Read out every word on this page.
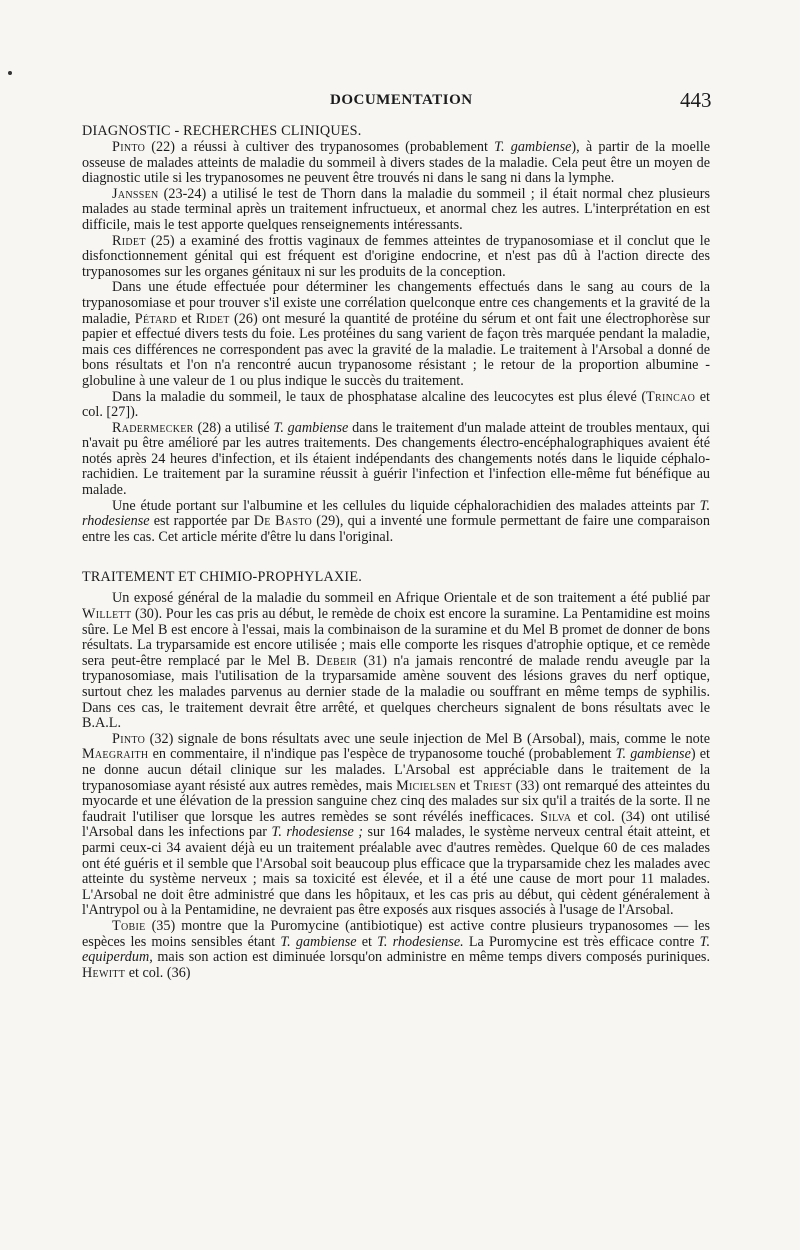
DOCUMENTATION	443
DIAGNOSTIC - RECHERCHES CLINIQUES.

Pinto (22) a réussi à cultiver des trypanosomes (probablement T. gambiense), à partir de la moelle osseuse de malades atteints de maladie du sommeil à divers stades de la maladie. Cela peut être un moyen de diagnostic utile si les trypanosomes ne peuvent être trouvés ni dans le sang ni dans la lymphe.

Janssen (23-24) a utilisé le test de Thorn dans la maladie du sommeil ; il était normal chez plusieurs malades au stade terminal après un traitement infructueux, et anormal chez les autres. L'interprétation en est difficile, mais le test apporte quelques renseignements intéressants.

Ridet (25) a examiné des frottis vaginaux de femmes atteintes de trypanosomiase et il conclut que le disfonctionnement génital qui est fréquent est d'origine endocrine, et n'est pas dû à l'action directe des trypanosomes sur les organes génitaux ni sur les produits de la conception.

Dans une étude effectuée pour déterminer les changements effectués dans le sang au cours de la trypanosomiase et pour trouver s'il existe une corrélation quelconque entre ces changements et la gravité de la maladie, Pétard et Ridet (26) ont mesuré la quantité de protéine du sérum et ont fait une électrophorèse sur papier et effectué divers tests du foie. Les protéines du sang varient de façon très marquée pendant la maladie, mais ces différences ne correspondent pas avec la gravité de la maladie. Le traitement à l'Arsobal a donné de bons résultats et l'on n'a rencontré aucun trypanosome résistant ; le retour de la proportion albumine - globuline à une valeur de 1 ou plus indique le succès du traitement.

Dans la maladie du sommeil, le taux de phosphatase alcaline des leucocytes est plus élevé (Trincao et col. [27]).

Radermecker (28) a utilisé T. gambiense dans le traitement d'un malade atteint de troubles mentaux, qui n'avait pu être amélioré par les autres traitements. Des changements électro-encéphalographiques avaient été notés après 24 heures d'infection, et ils étaient indépendants des changements notés dans le liquide céphalo-rachidien. Le traitement par la suramine réussit à guérir l'infection et l'infection elle-même fut bénéfique au malade.

Une étude portant sur l'albumine et les cellules du liquide céphalorachidien des malades atteints par T. rhodesiense est rapportée par De Basto (29), qui a inventé une formule permettant de faire une comparaison entre les cas. Cet article mérite d'être lu dans l'original.

TRAITEMENT ET CHIMIO-PROPHYLAXIE.

Un exposé général de la maladie du sommeil en Afrique Orientale et de son traitement a été publié par Willett (30). Pour les cas pris au début, le remède de choix est encore la suramine. La Pentamidine est moins sûre. Le Mel B est encore à l'essai, mais la combinaison de la suramine et du Mel B promet de donner de bons résultats. La tryparsamide est encore utilisée ; mais elle comporte les risques d'atrophie optique, et ce remède sera peut-être remplacé par le Mel B. Debeir (31) n'a jamais rencontré de malade rendu aveugle par la trypanosomiase, mais l'utilisation de la tryparsamide amène souvent des lésions graves du nerf optique, surtout chez les malades parvenus au dernier stade de la maladie ou souffrant en même temps de syphilis. Dans ces cas, le traitement devrait être arrêté, et quelques chercheurs signalent de bons résultats avec le B.A.L.

Pinto (32) signale de bons résultats avec une seule injection de Mel B (Arsobal), mais, comme le note Maegraith en commentaire, il n'indique pas l'espèce de trypanosome touché (probablement T. gambiense) et ne donne aucun détail clinique sur les malades. L'Arsobal est appréciable dans le traitement de la trypanosomiase ayant résisté aux autres remèdes, mais Micielsen et Triest (33) ont remarqué des atteintes du myocarde et une élévation de la pression sanguine chez cinq des malades sur six qu'il a traités de la sorte. Il ne faudrait l'utiliser que lorsque les autres remèdes se sont révélés inefficaces. Silva et col. (34) ont utilisé l'Arsobal dans les infections par T. rhodesiense ; sur 164 malades, le système nerveux central était atteint, et parmi ceux-ci 34 avaient déjà eu un traitement préalable avec d'autres remèdes. Quelque 60 de ces malades ont été guéris et il semble que l'Arsobal soit beaucoup plus efficace que la tryparsamide chez les malades avec atteinte du système nerveux ; mais sa toxicité est élevée, et il a été une cause de mort pour 11 malades. L'Arsobal ne doit être administré que dans les hôpitaux, et les cas pris au début, qui cèdent généralement à l'Antrypol ou à la Pentamidine, ne devraient pas être exposés aux risques associés à l'usage de l'Arsobal.

Tobie (35) montre que la Puromycine (antibiotique) est active contre plusieurs trypanosomes — les espèces les moins sensibles étant T. gambiense et T. rhodesiense. La Puromycine est très efficace contre T. equiperdum, mais son action est diminuée lorsqu'on administre en même temps divers composés puriniques. Hewitt et col. (36)
